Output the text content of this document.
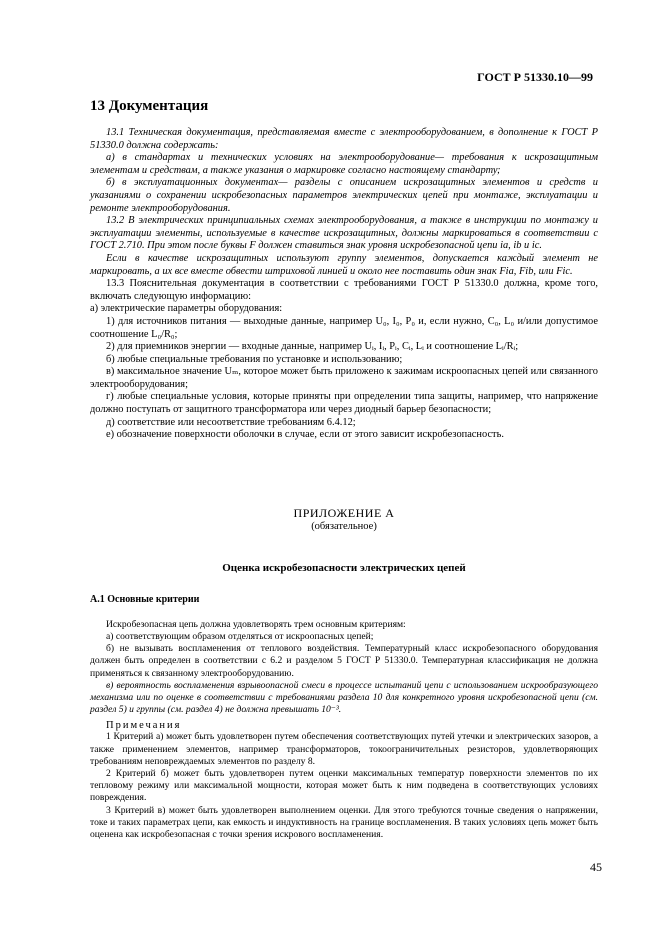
ГОСТ Р 51330.10—99
13 Документация

13.1 Техническая документация, представляемая вместе с электрооборудованием, в дополнение к ГОСТ Р 51330.0 должна содержать:

а) в стандартах и технических условиях на электрооборудование— требования к искрозащитным элементам и средствам, а также указания о маркировке согласно настоящему стандарту;

б) в эксплуатационных документах— разделы с описанием искрозащитных элементов и средств и указаниями о сохранении искробезопасных параметров электрических цепей при монтаже, эксплуатации и ремонте электрооборудования.

13.2 В электрических принципиальных схемах электрооборудования, а также в инструкции по монтажу и эксплуатации элементы, используемые в качестве искрозащитных, должны маркироваться в соответствии с ГОСТ 2.710. При этом после буквы F должен ставиться знак уровня искробезопасной цепи ia, ib и ic.

Если в качестве искрозащитных используют группу элементов, допускается каждый элемент не маркировать, а их все вместе обвести штриховой линией и около нее поставить один знак Fia, Fib, или Fic.

13.3 Пояснительная документация в соответствии с требованиями ГОСТ Р 51330.0 должна, кроме того, включать следующую информацию:

а) электрические параметры оборудования:

1) для источников питания — выходные данные, например U₀, I₀, P₀ и, если нужно, C₀, L₀ и/или допустимое соотношение L₀/R₀;

2) для приемников энергии — входные данные, например Uᵢ, Iᵢ, Pᵢ, Cᵢ, Lᵢ и соотношение Lᵢ/Rᵢ;

б) любые специальные требования по установке и использованию;

в) максимальное значение Uₘ, которое может быть приложено к зажимам искроопасных цепей или связанного электрооборудования;

г) любые специальные условия, которые приняты при определении типа защиты, например, что напряжение должно поступать от защитного трансформатора или через диодный барьер безопасности;

д) соответствие или несоответствие требованиям 6.4.12;

е) обозначение поверхности оболочки в случае, если от этого зависит искробезопасность.

ПРИЛОЖЕНИЕ А

(обязательное)

Оценка искробезопасности электрических цепей

А.1 Основные критерии

Искробезопасная цепь должна удовлетворять трем основным критериям:

а) соответствующим образом отделяться от искроопасных цепей;

б) не вызывать воспламенения от теплового воздействия. Температурный класс искробезопасного оборудования должен быть определен в соответствии с 6.2 и разделом 5 ГОСТ Р 51330.0. Температурная классификация не должна применяться к связанному электрооборудованию.

в) вероятность воспламенения взрывоопасной смеси в процессе испытаний цепи с использованием искрообразующего механизма или по оценке в соответствии с требованиями раздела 10 для конкретного уровня искробезопасной цепи (см. раздел 5) и группы (см. раздел 4) не должна превышать 10⁻³.

Примечания

1 Критерий а) может быть удовлетворен путем обеспечения соответствующих путей утечки и электрических зазоров, а также применением элементов, например трансформаторов, токоограничительных резисторов, удовлетворяющих требованиям неповреждаемых элементов по разделу 8.

2 Критерий б) может быть удовлетворен путем оценки максимальных температур поверхности элементов по их тепловому режиму или максимальной мощности, которая может быть к ним подведена в соответствующих условиях повреждения.

3 Критерий в) может быть удовлетворен выполнением оценки. Для этого требуются точные сведения о напряжении, токе и таких параметрах цепи, как емкость и индуктивность на границе воспламенения. В таких условиях цепь может быть оценена как искробезопасная с точки зрения искрового воспламенения.

45
